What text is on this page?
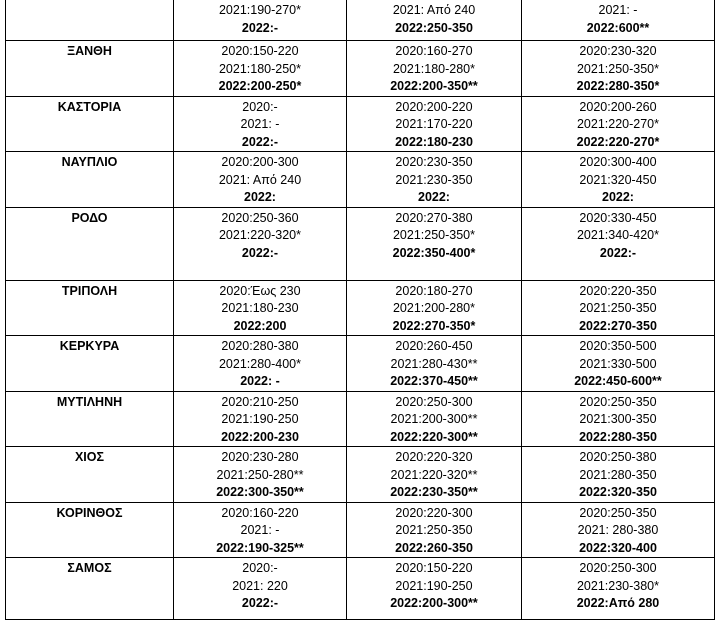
	2021:190-270*
2022:-	2021: Από 240
2022:250-350	2021: -
2022:600**

ΞΑΝΘΗ	2020:150-220
2021:180-250*
2022:200-250*	2020:160-270
2021:180-280*
2022:200-350**	2020:230-320
2021:250-350*
2022:280-350*

ΚΑΣΤΟΡΙΑ	2020:-
2021: -
2022:-	2020:200-220
2021:170-220
2022:180-230	2020:200-260
2021:220-270*
2022:220-270*

ΝΑΥΠΛΙΟ	2020:200-300
2021: Από 240
2022:	2020:230-350
2021:230-350
2022:	2020:300-400
2021:320-450
2022:

ΡΟΔΟ	2020:250-360
2021:220-320*
2022:-	2020:270-380
2021:250-350*
2022:350-400*	2020:330-450
2021:340-420*
2022:-

ΤΡΙΠΟΛΗ	2020:Έως 230
2021:180-230
2022:200	2020:180-270
2021:200-280*
2022:270-350*	2020:220-350
2021:250-350
2022:270-350

ΚΕΡΚΥΡΑ	2020:280-380
2021:280-400*
2022: -	2020:260-450
2021:280-430**
2022:370-450**	2020:350-500
2021:330-500
2022:450-600**

ΜΥΤΙΛΗΝΗ	2020:210-250
2021:190-250
2022:200-230	2020:250-300
2021:200-300**
2022:220-300**	2020:250-350
2021:300-350
2022:280-350

ΧΙΟΣ	2020:230-280
2021:250-280**
2022:300-350**	2020:220-320
2021:220-320**
2022:230-350**	2020:250-380
2021:280-350
2022:320-350

ΚΟΡΙΝΘΟΣ	2020:160-220
2021: -
2022:190-325**	2020:220-300
2021:250-350
2022:260-350	2020:250-350
2021: 280-380
2022:320-400

ΣΑΜΟΣ	2020:-
2021: 220
2022:-	2020:150-220
2021:190-250
2022:200-300**	2020:250-300
2021:230-380*
2022:Από 280
